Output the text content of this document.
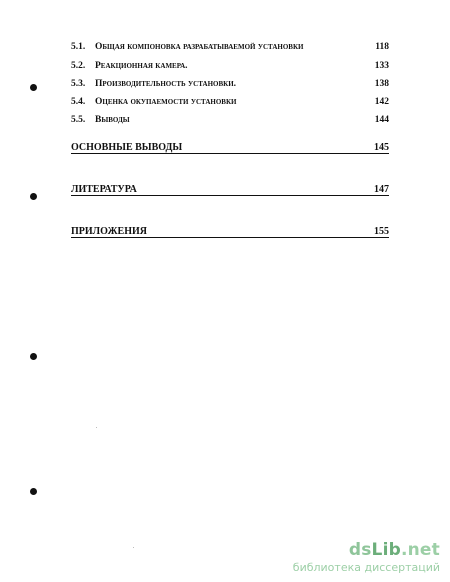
5.1. Общая компоновка разрабатываемой установки	118
5.2. Реакционная камера.	133
5.3. Производительность установки.	138
5.4. Оценка окупаемости установки	142
5.5. Выводы	144
ОСНОВНЫЕ ВЫВОДЫ	145
ЛИТЕРАТУРА	147
ПРИЛОЖЕНИЯ	155
dsLib.net
библиотека диссертаций
